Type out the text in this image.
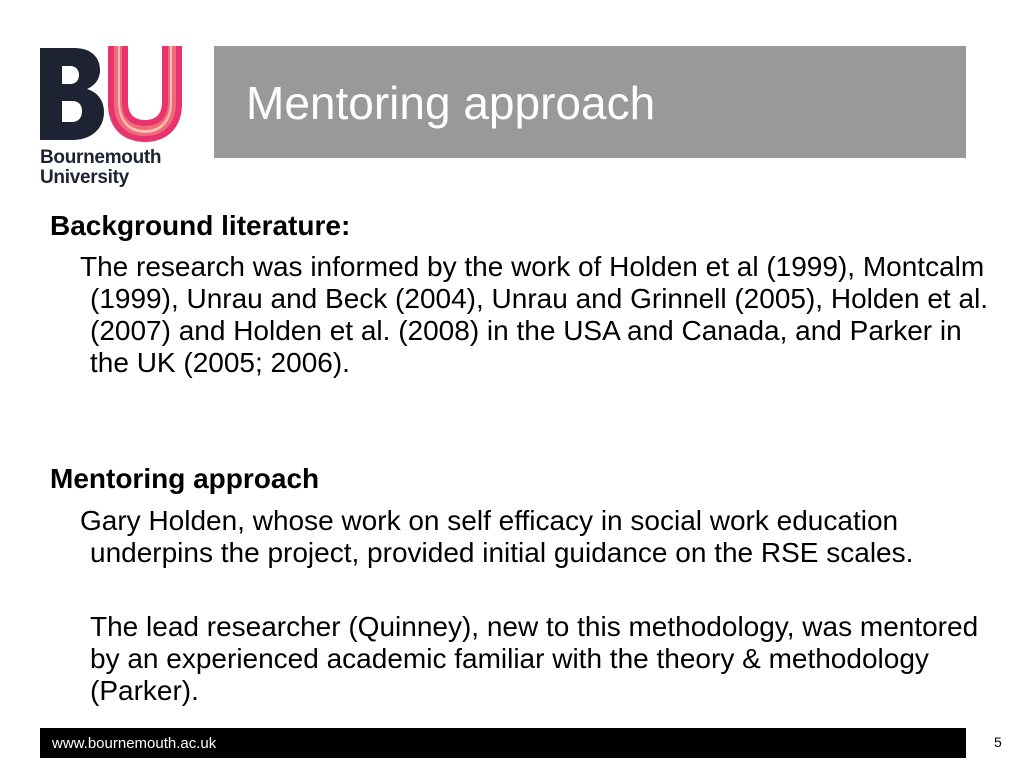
Bournemouth
University
Mentoring approach

Background literature:

The research was informed by the work of Holden et al (1999), Montcalm (1999), Unrau and Beck (2004), Unrau and Grinnell (2005), Holden et al. (2007) and Holden et al. (2008) in the USA and Canada, and Parker in the UK (2005; 2006).

Mentoring approach

Gary Holden, whose work on self efficacy in social work education underpins the project, provided initial guidance on the RSE scales.

The lead researcher (Quinney), new to this methodology, was mentored by an experienced academic familiar with the theory & methodology (Parker).

www.bournemouth.ac.uk	5
